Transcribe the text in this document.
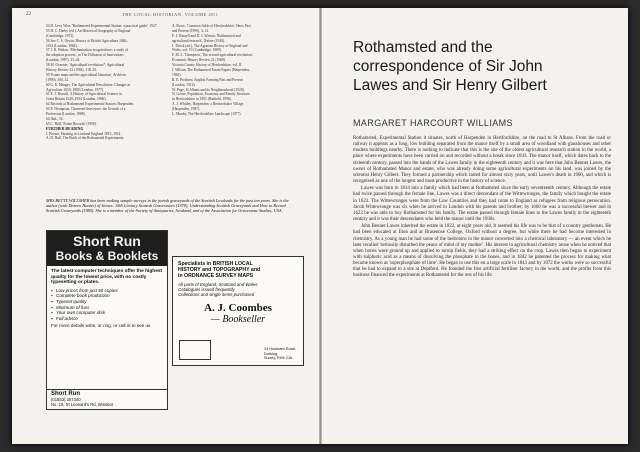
22	THE LOCAL HISTORIAN, VOLUME 28/1

54 D. Levy Wise, 'Rothamsted Experimental Station: a practical guide', 1927.

55 H. C. Darby (ed.), An Historical Geography of England

(Cambridge, 1973).

56 See C. S. Orwin, History of British Agriculture 1846–

1914 (London, 1964).

57 J. R. Walton, 'Mechanisation in agriculture: a study of

the adoption process', in The Diffusion of Innovations

(London, 1987), 23–42.

58 M. Overton, 'Agricultural revolution?', Agricultural

History Review 32 (1984), 118–33.

59 'Estate maps and the agricultural historian', Archives

(1990), 100–12.

60 G. E. Mingay, The Agricultural Revolution: Changes in

Agriculture 1650–1880 (London, 1977).

61 E. J. Russell, A History of Agricultural Science in

Great Britain 1620–1954 (London, 1966).

62 Records of Rothamsted Experimental Station, Harpenden.

63 F. Thompson, Chartered Surveyors: the Growth of a

Profession (London, 1968).

64 Ibid., 54.

65 C. Hall, 'Estate Records' (1990).

FURTHER READING

J. Brown, Farming in Lowland England 1815–1914.

A. D. Hall, The Book of the Rothamsted Experiments.

A. Rowe, 'Common fields of Hertfordshire', Herts Past

and Present (1990), 3–12.

E. J. Russell and D. J. Watson, 'Rothamsted and

agricultural research', Nature (1940).

J. Thirsk (ed.), The Agrarian History of England and

Wales, vol. VI (Cambridge, 1989).

F. M. L. Thompson, 'The second agricultural revolution',

Economic History Review 21 (1968).

Victoria County History of Hertfordshire, vol. II.

J. Wilson, The Rothamsted Estate Papers (Harpenden,

1984).

R. E. Prothero, English Farming Past and Present

(London, 1912).

W. Page, St Albans and its Neighbourhood (1920).

N. Goose, Population, Economy and Family Structure

in Hertfordshire in 1851 (Hatfield, 1996).

A. J. Whitley, Harpenden: a Hertfordshire Village

(Harpenden, 1987).

L. Munby, The Hertfordshire Landscape (1977).

MRS BETTY WILLSHER has been making sample surveys in the parish graveyards of the Scottish Lowlands for the past ten years. She is the author (with Doreen Hunter) of Stones: 18th Century Scottish Gravestones (1978), Understanding Scottish Graveyards and How to Record Scottish Graveyards (1985). She is a member of the Society of Antiquaries, Scotland, and of the Association for Gravestone Studies, USA.

Short Run
Books & Booklets

The latest computer techniques offer the highest quality for the lowest price, with no costly typesetting or plates.

▪ Low prices from just 50 copies
▪ Complete book production
▪ Typeset quality
▪ Minimum of fuss
▪ Your own computer disk
▪ Full advice

For more details write, or ring, or call in to see us

Short Run

(01553) 257340

No. 18, St Leonard's Rd, Windsor

Specialists in BRITISH LOCAL

HISTORY and TOPOGRAPHY and

in ORDNANCE SURVEY MAPS

All parts of England, Scotland and Wales

Catalogues issued frequently

Collections and single items purchased

A. J. Coombes
— Bookseller

24 Horsham Road,

Dorking,

Surrey, RH4 2JA

Rothamsted and the

correspondence of Sir John

Lawes and Sir Henry Gilbert

MARGARET HARCOURT WILLIAMS

Rothamsted, Experimental Station it situates, north of Harpenden in Hertfordshire, on the road to St Albans. From the road or railway it appears as a long, low building separated from the manor itself by a small area of woodland with glasshouses and other modern buildings nearby. There is nothing to indicate that this is the site of the oldest agricultural research station in the world, a place where experiments have been carried on and recorded without a break since 1843. The manor itself, which dates back to the sixteenth century, passed into the hands of the Lawes family in the eighteenth century and it was here that John Bennet Lawes, the owner of Rothamsted Manor and estate, who was already doing some agricultural experiments on his land, was joined by the scientist Henry Gilbert. They formed a partnership which lasted for almost sixty years, until Lawes's death in 1900, and which is recognised as one of the longest and most productive in the history of science.

Lawes was born in 1814 into a family which had been at Rothamsted since the early seventeenth century. Although the estate had twice passed through the female line, Lawes was a direct descendant of the Wittewronges, the family which bought the estate in 1623. The Wittewronges were from the Low Countries and they had come to England as refugees from religious persecution. Jacob Wittewronge was six when he arrived in London with his parents and brother; by 1600 he was a successful brewer and in 1623 he was able to buy Rothamsted for his family. The estate passed through female lines to the Lawes family in the eighteenth century and it was their descendants who held the manor until the 1930s.

John Bennet Lawes inherited the estate in 1822, at eight years old. It seemed his life was to be that of a country gentleman. He had been educated at Eton and at Brasenose College, Oxford without a degree, but while there he had become interested in chemistry. As a young man he had some of the bedrooms in the manor converted into a chemical laboratory — an event which he later recalled 'seriously disturbed the peace of mind of my mother'. His interest in agricultural chemistry arose when he noticed that when bones were ground up and applied to turnip fields, they had a striking effect on the crop. Lawes then began to experiment with sulphuric acid as a means of dissolving the phosphate in the bones, and in 1842 he patented the process for making what became known as 'superphosphate of lime'. He began to use this on a large scale in 1843 and by 1872 the works were so successful that he had to expand to a site at Deptford. He founded the first artificial fertiliser factory in the world, and the profits from this business financed the experiments at Rothamsted for the rest of his life.
